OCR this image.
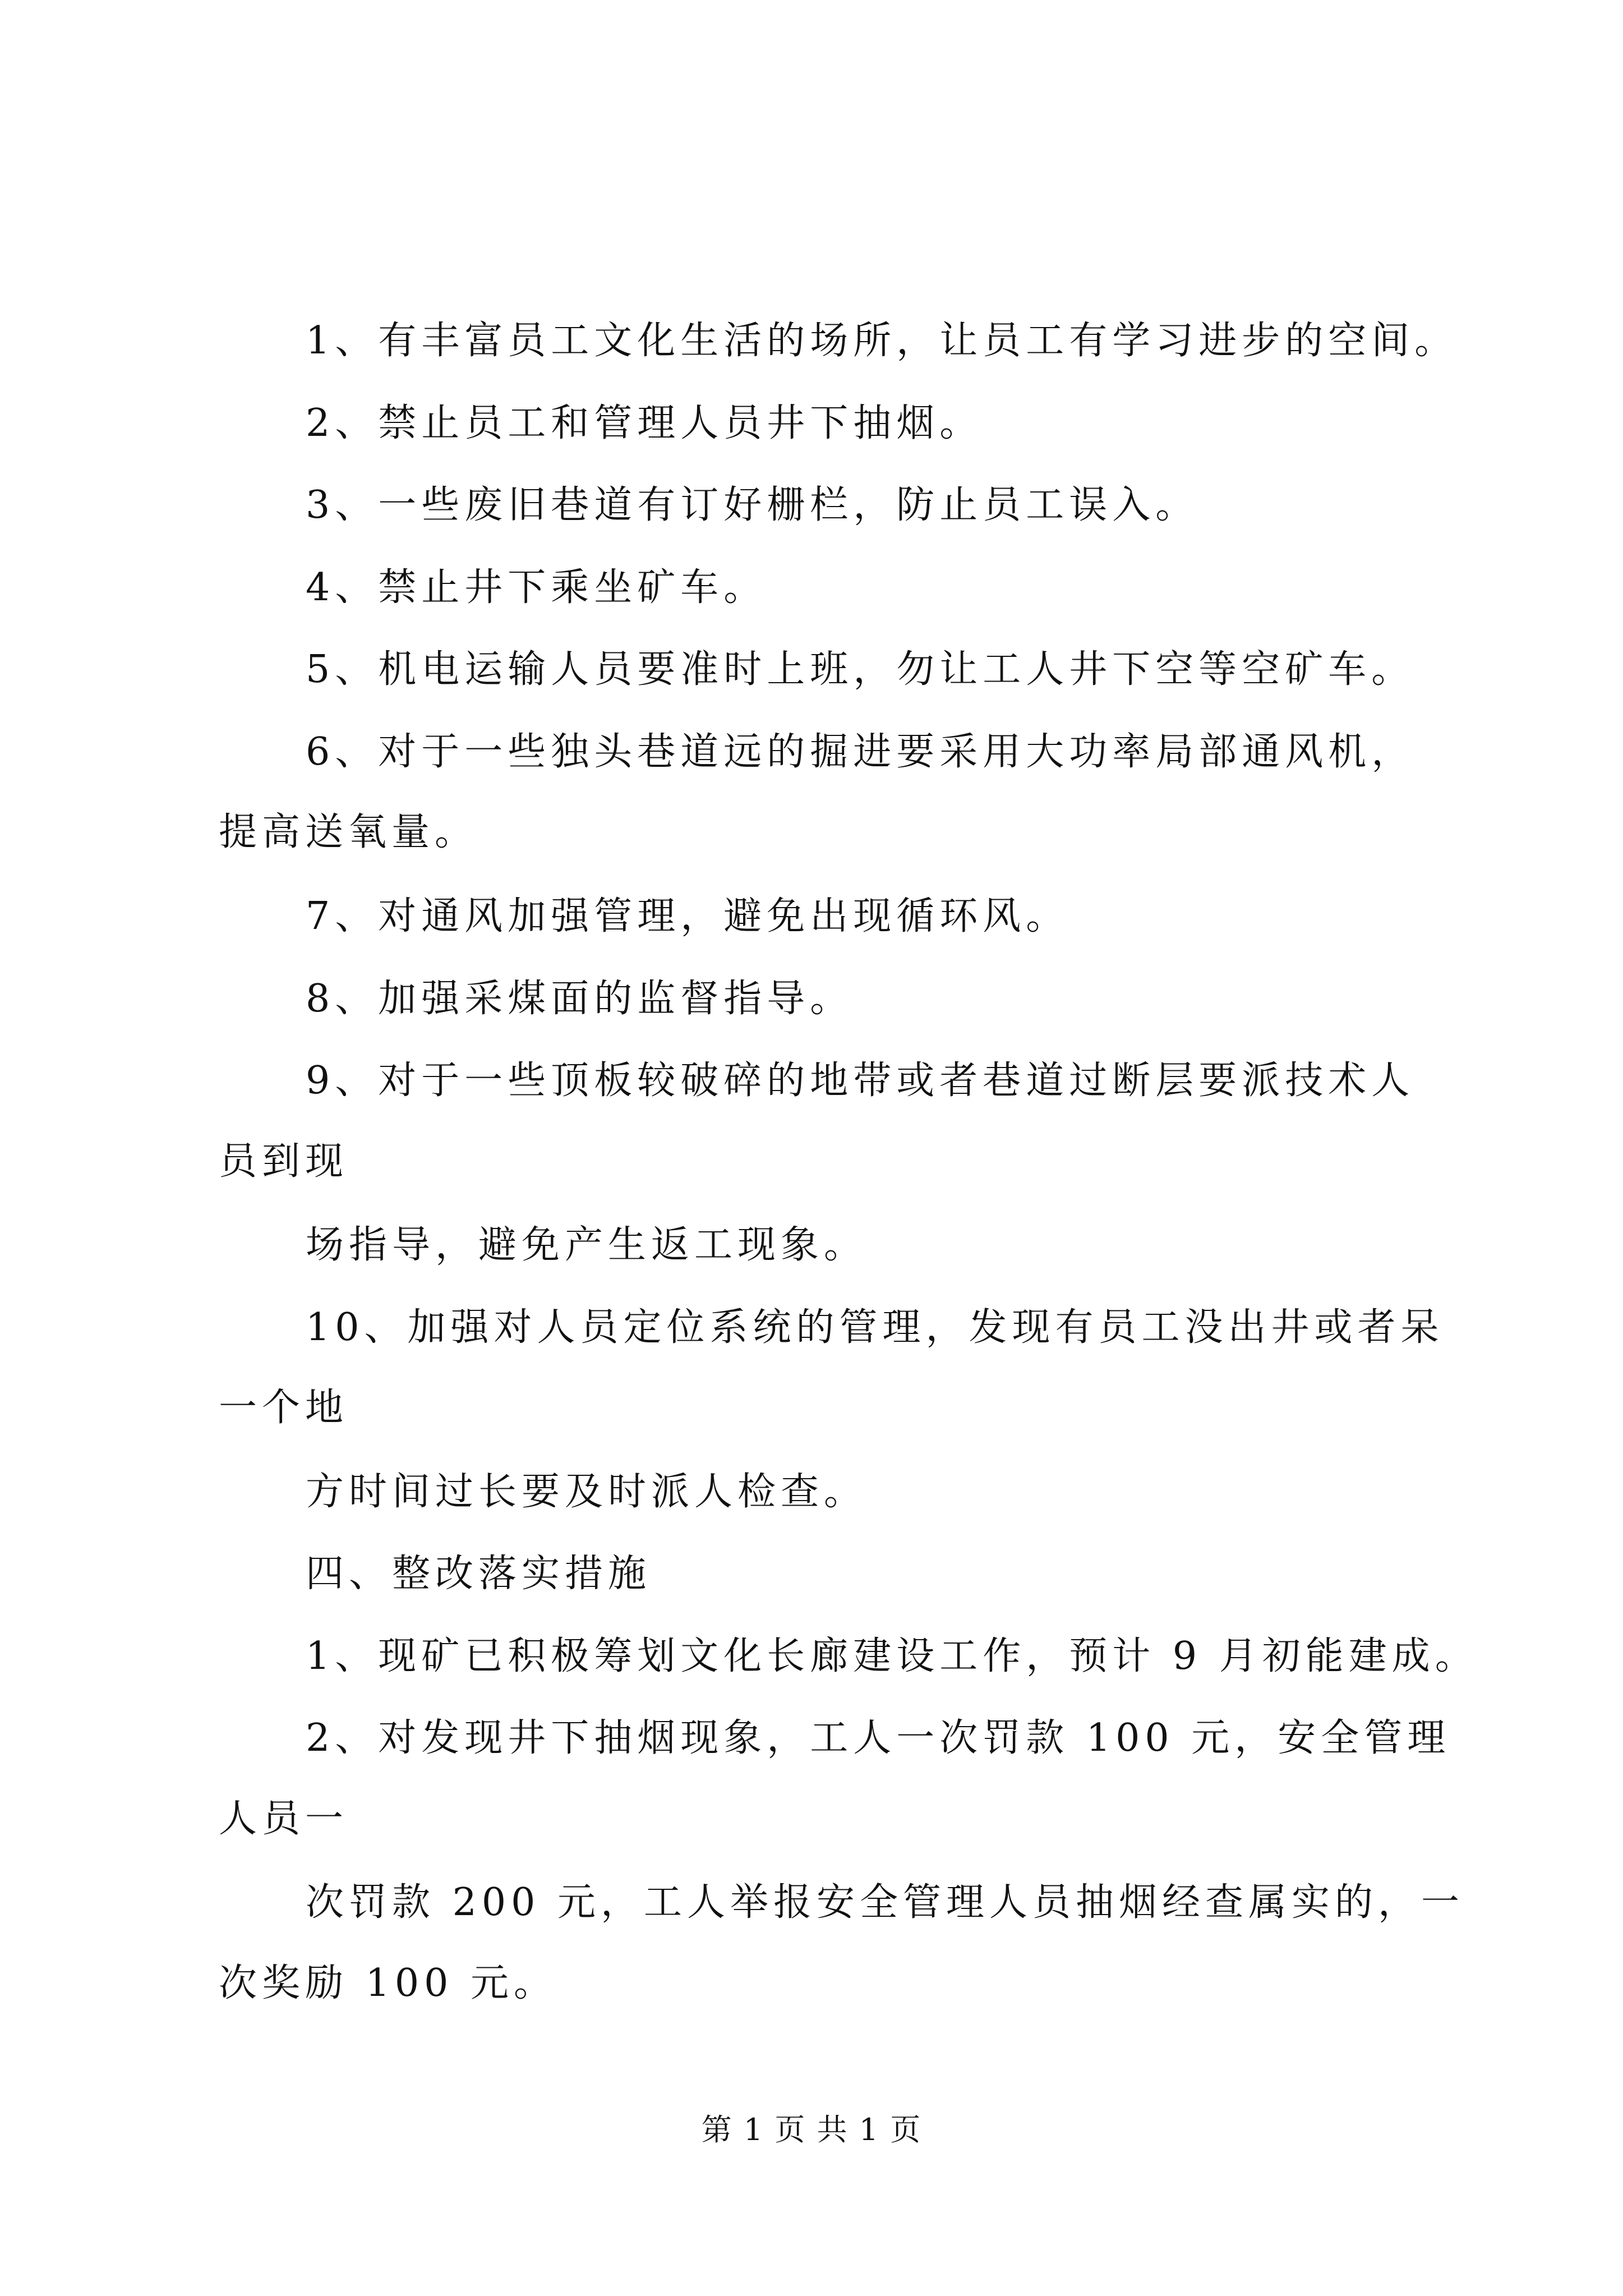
1、有丰富员工文化生活的场所，让员工有学习进步的空间。
2、禁止员工和管理人员井下抽烟。
3、一些废旧巷道有订好栅栏，防止员工误入。
4、禁止井下乘坐矿车。
5、机电运输人员要准时上班，勿让工人井下空等空矿车。
6、对于一些独头巷道远的掘进要采用大功率局部通风机，
提高送氧量。
7、对通风加强管理，避免出现循环风。
8、加强采煤面的监督指导。
9、对于一些顶板较破碎的地带或者巷道过断层要派技术人
员到现
场指导，避免产生返工现象。
10、加强对人员定位系统的管理，发现有员工没出井或者呆
一个地
方时间过长要及时派人检查。
四、整改落实措施
1、现矿已积极筹划文化长廊建设工作，预计 9 月初能建成。
2、对发现井下抽烟现象，工人一次罚款 100 元，安全管理
人员一
次罚款 200 元，工人举报安全管理人员抽烟经查属实的，一
次奖励 100 元。
第 1 页 共 1 页
